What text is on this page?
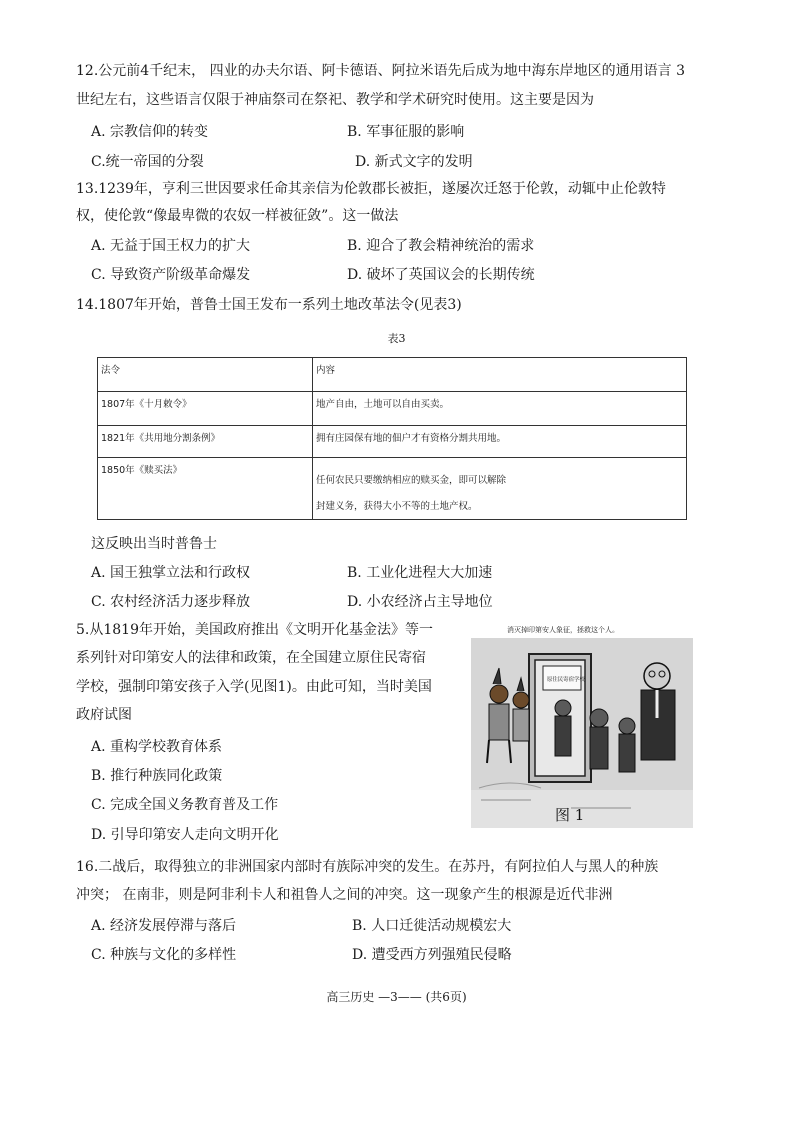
12.公元前4千纪末， 四业的办夫尔语、阿卡德语、阿拉米语先后成为地中海东岸地区的通用语言 3
世纪左右，这些语言仅限于神庙祭司在祭祀、教学和学术研究时使用。这主要是因为
A. 宗教信仰的转变	B. 军事征服的影响
C.统一帝国的分裂	D. 新式文字的发明
13.1239年，亨利三世因要求任命其亲信为伦敦郡长被拒，遂屡次迁怒于伦敦，动辄中止伦敦特
权，使伦敦“像最卑微的农奴一样被征敛”。这一做法
A. 无益于国王权力的扩大	B. 迎合了教会精神统治的需求
C. 导致资产阶级革命爆发	D. 破坏了英国议会的长期传统
14.1807年开始，普鲁士国王发布一系列土地改革法令(见表3)
表3
法令	内容
1807年《十月敕令》	地产自由，土地可以自由买卖。
1821年《共用地分割条例》	拥有庄园保有地的佃户才有资格分割共用地。
1850年《赎买法》	任何农民只要缴纳相应的赎买金，即可以解除
封建义务，获得大小不等的土地产权。
这反映出当时普鲁士
A. 国王独掌立法和行政权	B. 工业化进程大大加速
C. 农村经济活力逐步释放	D. 小农经济占主导地位
5.从1819年开始，美国政府推出《文明开化基金法》等一
系列针对印第安人的法律和政策，在全国建立原住民寄宿
学校，强制印第安孩子入学(见图1)。由此可知，当时美国
政府试图
A. 重构学校教育体系
B. 推行种族同化政策
C. 完成全国义务教育普及工作
D. 引导印第安人走向文明开化
消灭掉印第安人象征，拯救这个人。
原住民寄宿学校
图 1
16.二战后，取得独立的非洲国家内部时有族际冲突的发生。在苏丹，有阿拉伯人与黑人的种族
冲突； 在南非，则是阿非利卡人和祖鲁人之间的冲突。这一现象产生的根源是近代非洲
A. 经济发展停滞与落后	B. 人口迁徙活动规模宏大
C. 种族与文化的多样性	D. 遭受西方列强殖民侵略
高三历史 —3—— (共6页)
